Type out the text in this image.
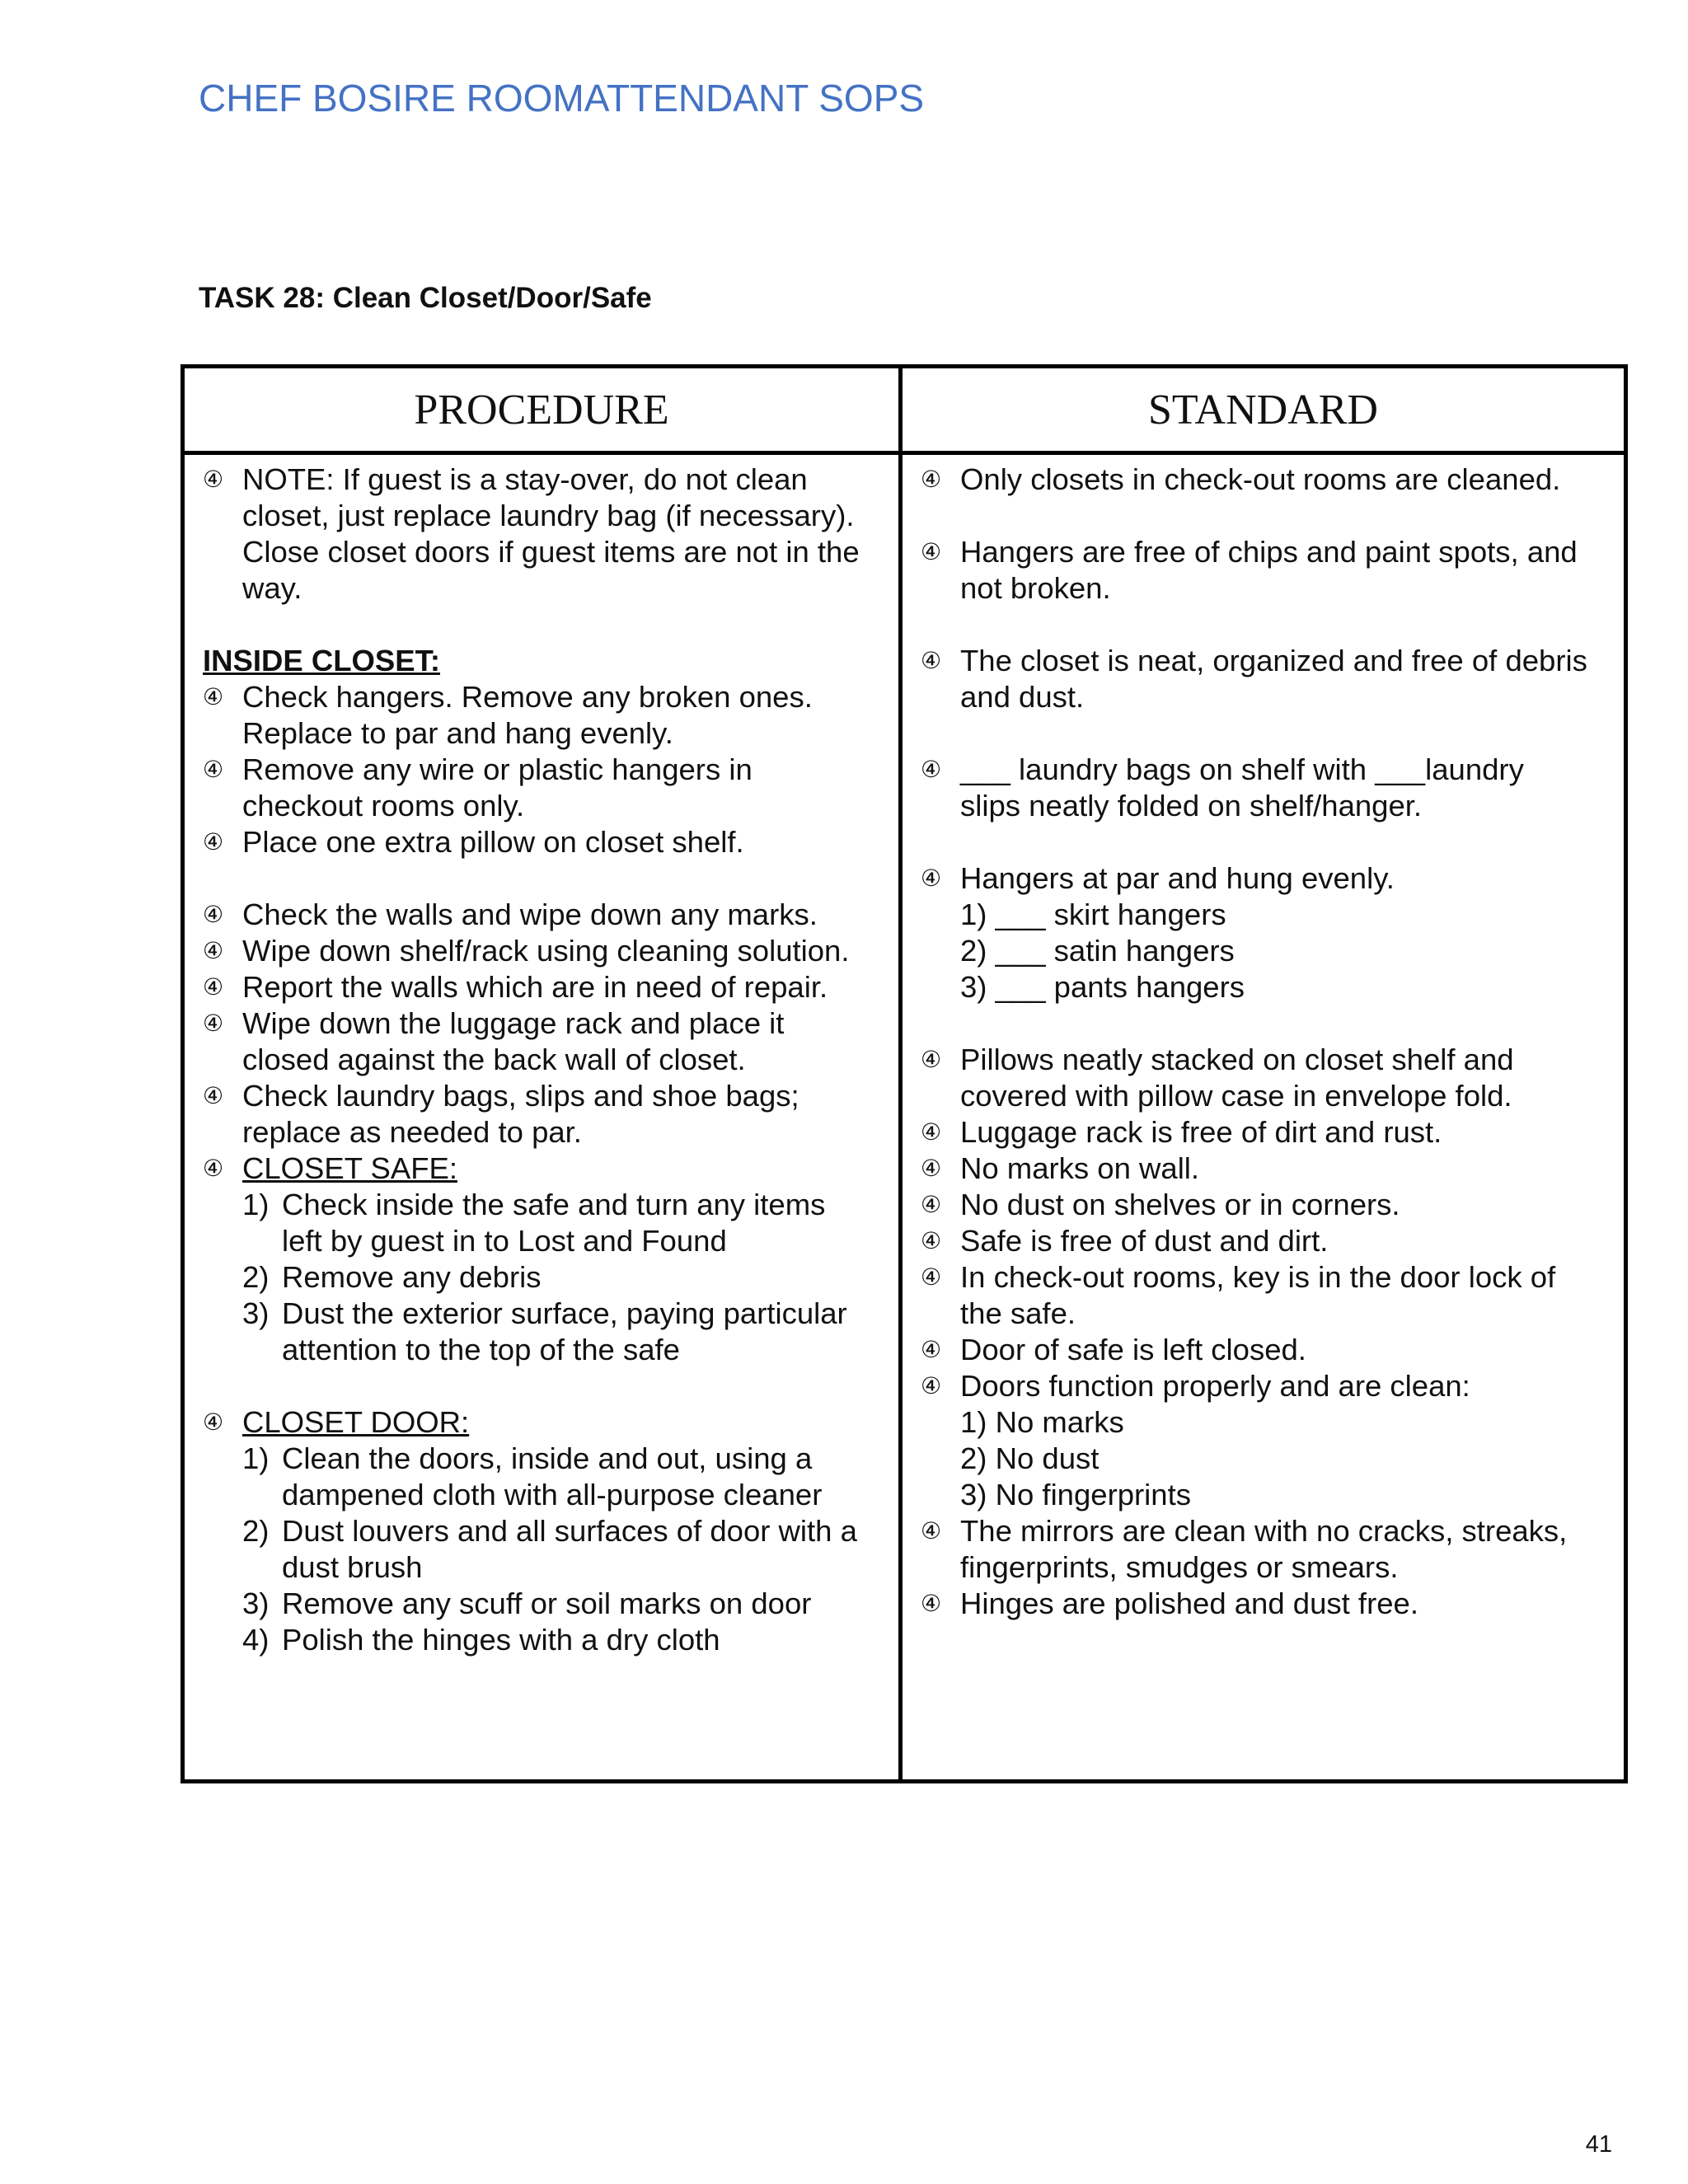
CHEF BOSIRE ROOMATTENDANT SOPS
TASK 28: Clean Closet/Door/Safe
PROCEDURE	STANDARD
④ NOTE: If guest is a stay-over, do not clean
closet, just replace laundry bag (if necessary).
Close closet doors if guest items are not in the
way.
INSIDE CLOSET:
④ Check hangers. Remove any broken ones.
Replace to par and hang evenly.
④ Remove any wire or plastic hangers in
checkout rooms only.
④ Place one extra pillow on closet shelf.
④ Check the walls and wipe down any marks.
④ Wipe down shelf/rack using cleaning solution.
④ Report the walls which are in need of repair.
④ Wipe down the luggage rack and place it
closed against the back wall of closet.
④ Check laundry bags, slips and shoe bags;
replace as needed to par.
④ CLOSET SAFE:
1) Check inside the safe and turn any items
left by guest in to Lost and Found
2) Remove any debris
3) Dust the exterior surface, paying particular
attention to the top of the safe
④ CLOSET DOOR:
1) Clean the doors, inside and out, using a
dampened cloth with all-purpose cleaner
2) Dust louvers and all surfaces of door with a
dust brush
3) Remove any scuff or soil marks on door
4) Polish the hinges with a dry cloth
④ Only closets in check-out rooms are cleaned.
④ Hangers are free of chips and paint spots, and
not broken.
④ The closet is neat, organized and free of debris
and dust.
④ ___ laundry bags on shelf with ___laundry
slips neatly folded on shelf/hanger.
④ Hangers at par and hung evenly.
1) ___ skirt hangers
2) ___ satin hangers
3) ___ pants hangers
④ Pillows neatly stacked on closet shelf and
covered with pillow case in envelope fold.
④ Luggage rack is free of dirt and rust.
④ No marks on wall.
④ No dust on shelves or in corners.
④ Safe is free of dust and dirt.
④ In check-out rooms, key is in the door lock of
the safe.
④ Door of safe is left closed.
④ Doors function properly and are clean:
1) No marks
2) No dust
3) No fingerprints
④ The mirrors are clean with no cracks, streaks,
fingerprints, smudges or smears.
④ Hinges are polished and dust free.
41
